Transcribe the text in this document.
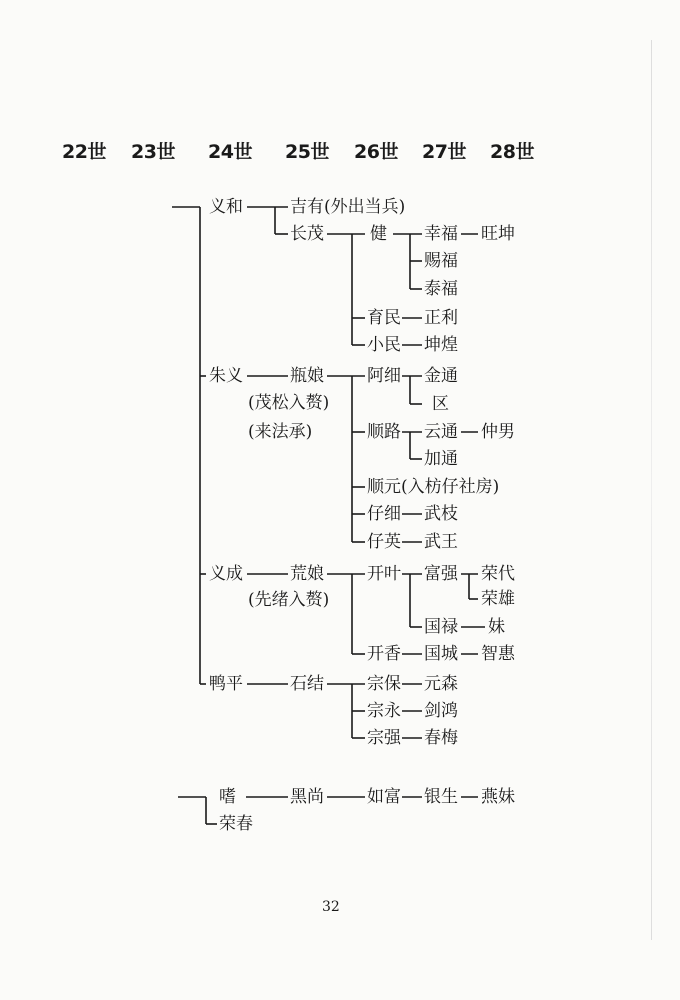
22世 23世 24世 25世 26世 27世 28世
义和	吉有(外出当兵)
长茂	健 幸福 旺坤
赐福
泰福
育民 正利
小民 坤煌
朱义	瓶娘
(茂松入赘)
(来法承)
阿细 金通
区
顺路 云通 仲男
加通
顺元(入枋仔社房)
仔细 武枝
仔英 武王
义成	荒娘
(先绪入赘)
开叶 富强 荣代
荣雄
国禄 妹
开香 国城 智惠
鸭平	石结	宗保 元森
宗永 剑鸿
宗强 春梅
嗜	黑尚	如富 银生 燕妹
荣春
32
